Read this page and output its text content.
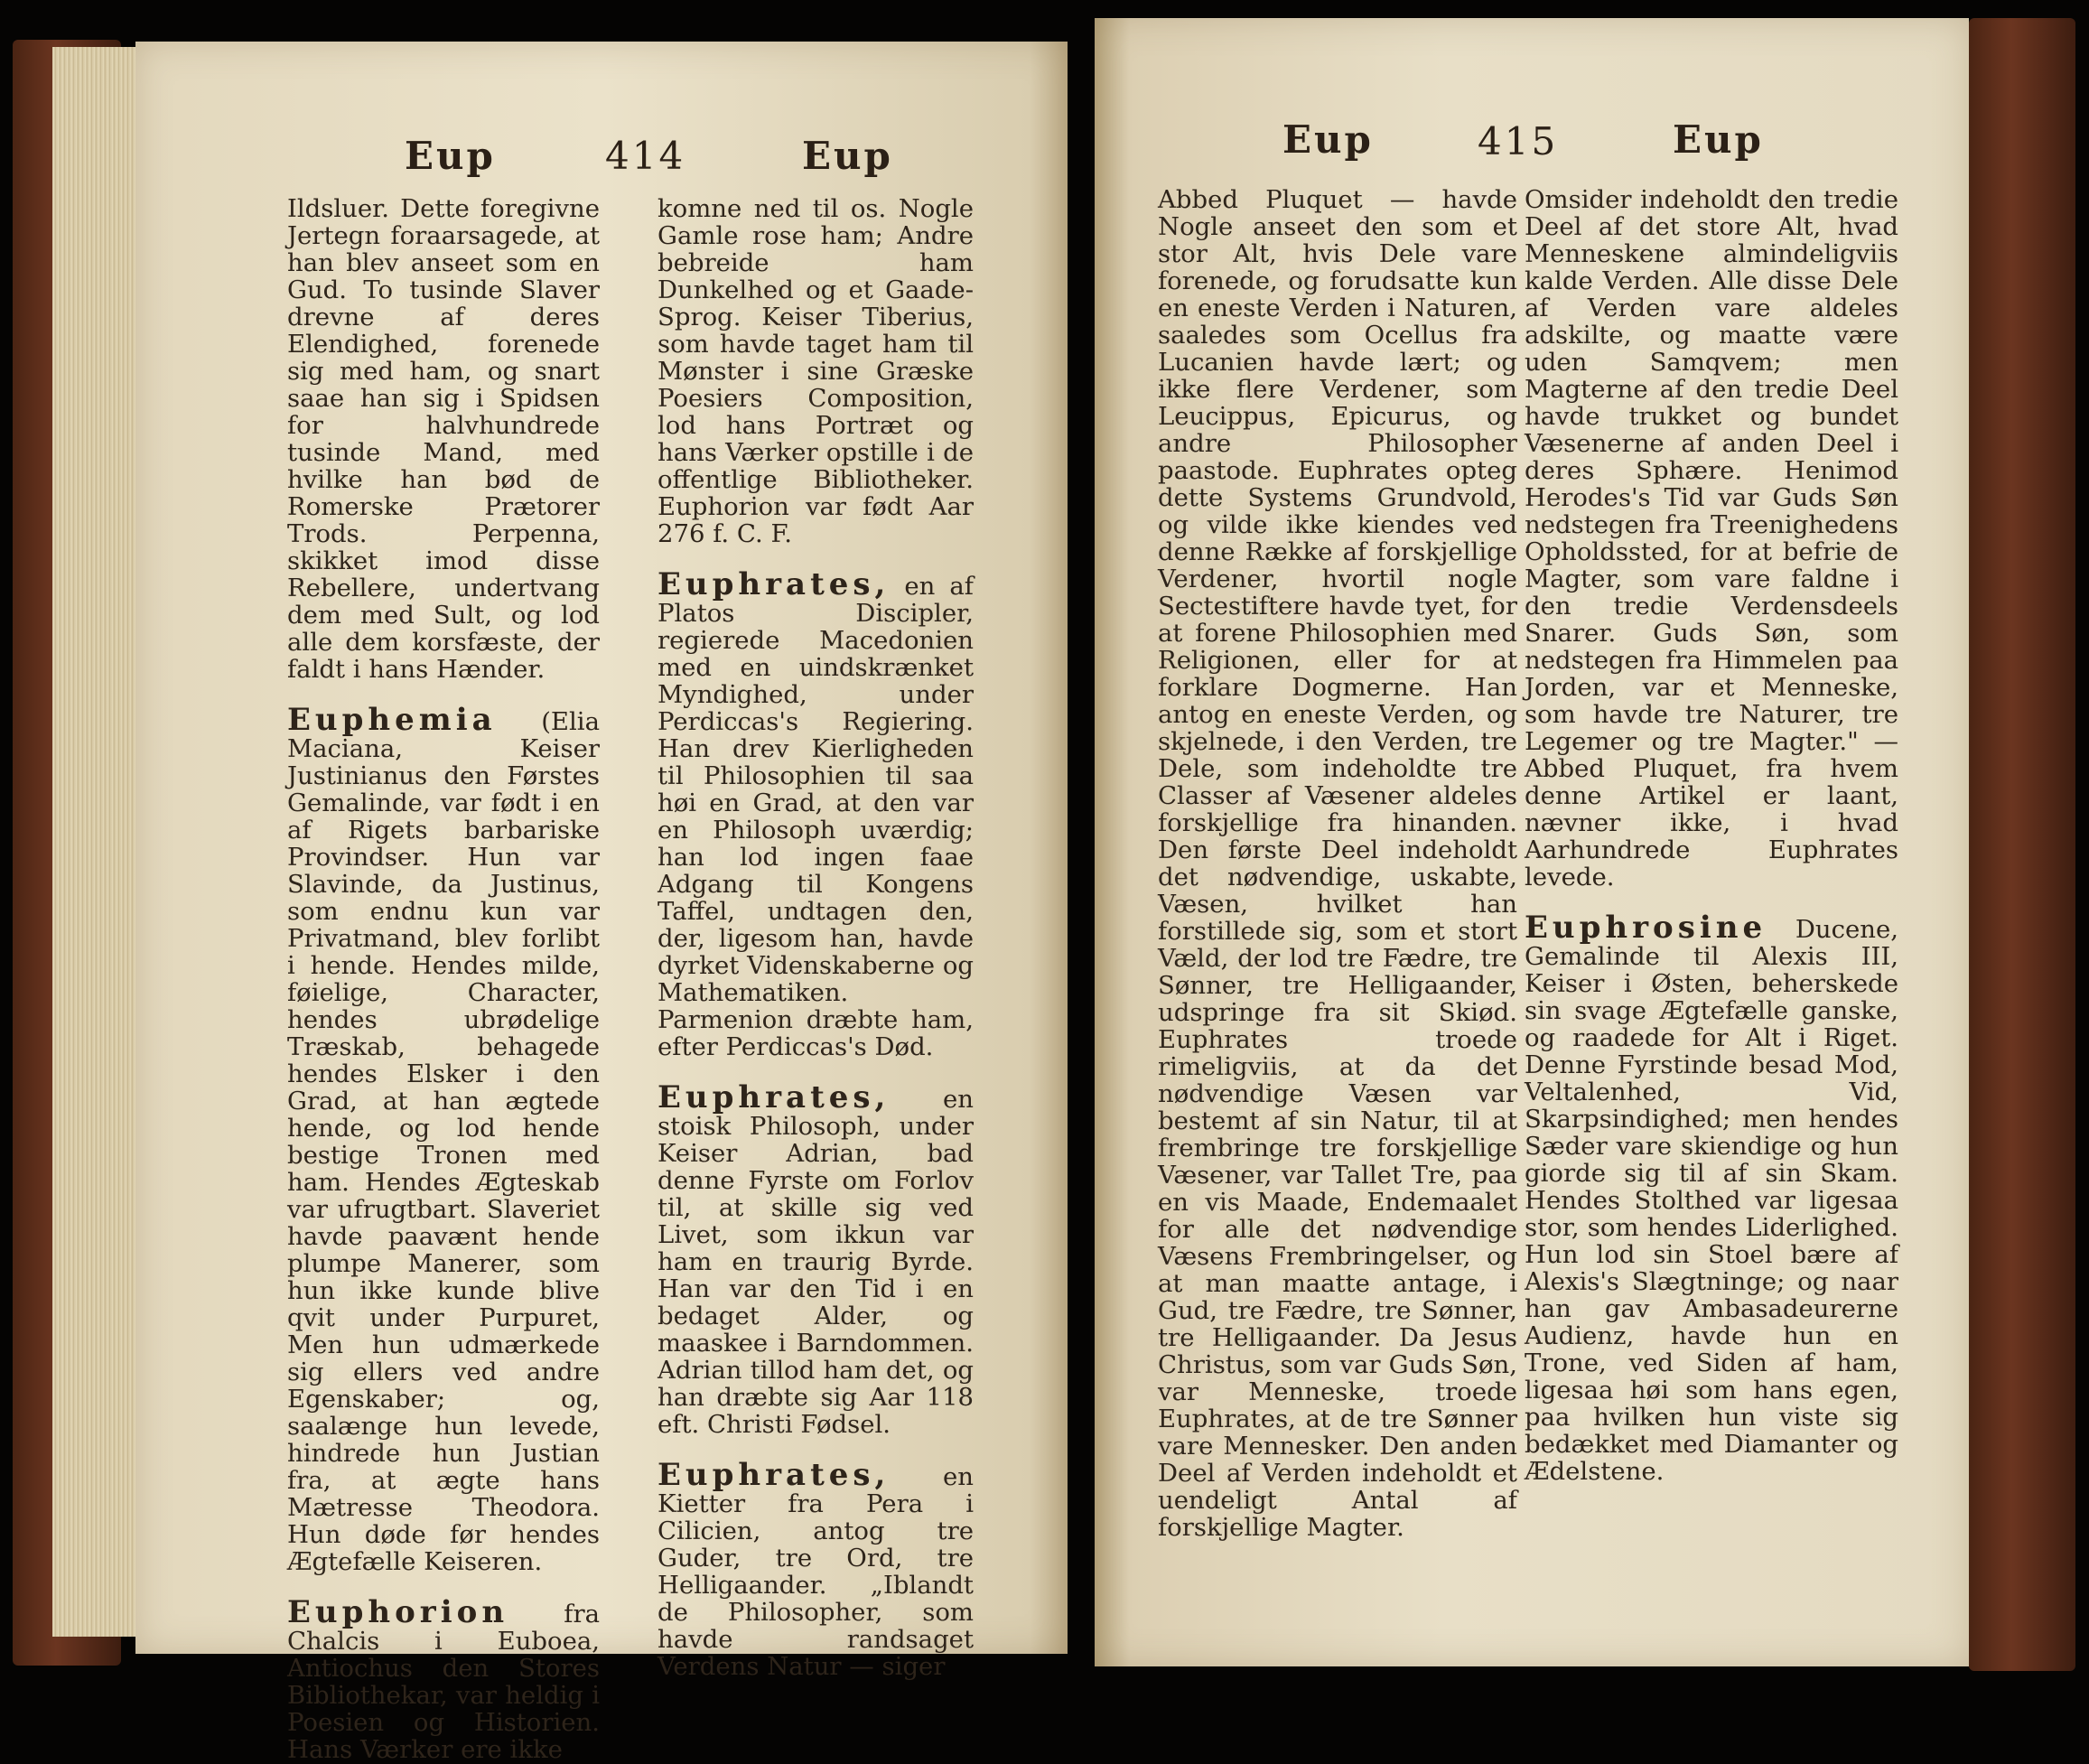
Eup	414	Eup

Ildsluer. Dette foregivne Jertegn foraarsagede, at han blev anseet som en Gud. To tusinde Slaver drevne af deres Elendighed, forenede sig med ham, og snart saae han sig i Spidsen for halvhundrede tusinde Mand, med hvilke han bød de Romerske Prætorer Trods. Perpenna, skikket imod disse Rebellere, undertvang dem med Sult, og lod alle dem korsfæste, der faldt i hans Hænder.

Euphemia (Elia Maciana, Keiser Justinianus den Førstes Gemalinde, var født i en af Rigets barbariske Provindser. Hun var Slavinde, da Justinus, som endnu kun var Privatmand, blev forlibt i hende. Hendes milde, føielige, Character, hendes ubrødelige Træskab, behagede hendes Elsker i den Grad, at han ægtede hende, og lod hende bestige Tronen med ham. Hendes Ægteskab var ufrugtbart. Slaveriet havde paavænt hende plumpe Manerer, som hun ikke kunde blive qvit under Purpuret, Men hun udmærkede sig ellers ved andre Egenskaber; og, saalænge hun levede, hindrede hun Justian fra, at ægte hans Mætresse Theodora. Hun døde før hendes Ægtefælle Keiseren.

Euphorion fra Chalcis i Euboea, Antiochus den Stores Bibliothekar, var heldig i Poesien og Historien. Hans Værker ere ikke

komne ned til os. Nogle Gamle rose ham; Andre bebreide ham Dunkelhed og et Gaade-Sprog. Keiser Tiberius, som havde taget ham til Mønster i sine Græske Poesiers Composition, lod hans Portræt og hans Værker opstille i de offentlige Bibliotheker. Euphorion var født Aar 276 f. C. F.

Euphrates, en af Platos Discipler, regierede Macedonien med en uindskrænket Myndighed, under Perdiccas's Regiering. Han drev Kierligheden til Philosophien til saa høi en Grad, at den var en Philosoph uværdig; han lod ingen faae Adgang til Kongens Taffel, undtagen den, der, ligesom han, havde dyrket Videnskaberne og Mathematiken. Parmenion dræbte ham, efter Perdiccas's Død.

Euphrates, en stoisk Philosoph, under Keiser Adrian, bad denne Fyrste om Forlov til, at skille sig ved Livet, som ikkun var ham en traurig Byrde. Han var den Tid i en bedaget Alder, og maaskee i Barndommen. Adrian tillod ham det, og han dræbte sig Aar 118 eft. Christi Fødsel.

Euphrates, en Kietter fra Pera i Cilicien, antog tre Guder, tre Ord, tre Helligaander. „Iblandt de Philosopher, som havde randsaget Verdens Natur — siger

Eup	415	Eup

Abbed Pluquet — havde Nogle anseet den som et stor Alt, hvis Dele vare forenede, og forudsatte kun en eneste Verden i Naturen, saaledes som Ocellus fra Lucanien havde lært; og ikke flere Verdener, som Leucippus, Epicurus, og andre Philosopher paastode. Euphrates opteg dette Systems Grundvold, og vilde ikke kiendes ved denne Række af forskjellige Verdener, hvortil nogle Sectestiftere havde tyet, for at forene Philosophien med Religionen, eller for at forklare Dogmerne. Han antog en eneste Verden, og skjelnede, i den Verden, tre Dele, som indeholdte tre Classer af Væsener aldeles forskjellige fra hinanden. Den første Deel indeholdt det nødvendige, uskabte, Væsen, hvilket han forstillede sig, som et stort Væld, der lod tre Fædre, tre Sønner, tre Helligaander, udspringe fra sit Skiød. Euphrates troede rimeligviis, at da det nødvendige Væsen var bestemt af sin Natur, til at frembringe tre forskjellige Væsener, var Tallet Tre, paa en vis Maade, Endemaalet for alle det nødvendige Væsens Frembringelser, og at man maatte antage, i Gud, tre Fædre, tre Sønner, tre Helligaander. Da Jesus Christus, som var Guds Søn, var Menneske, troede Euphrates, at de tre Sønner vare Mennesker. Den anden Deel af Verden indeholdt et uendeligt Antal af forskjellige Magter.

Omsider indeholdt den tredie Deel af det store Alt, hvad Menneskene almindeligviis kalde Verden. Alle disse Dele af Verden vare aldeles adskilte, og maatte være uden Samqvem; men Magterne af den tredie Deel havde trukket og bundet Væsenerne af anden Deel i deres Sphære. Henimod Herodes's Tid var Guds Søn nedstegen fra Treenighedens Opholdssted, for at befrie de Magter, som vare faldne i den tredie Verdensdeels Snarer. Guds Søn, som nedstegen fra Himmelen paa Jorden, var et Menneske, som havde tre Naturer, tre Legemer og tre Magter." — Abbed Pluquet, fra hvem denne Artikel er laant, nævner ikke, i hvad Aarhundrede Euphrates levede.

Euphrosine Ducene, Gemalinde til Alexis III, Keiser i Østen, beherskede sin svage Ægtefælle ganske, og raadede for Alt i Riget. Denne Fyrstinde besad Mod, Veltalenhed, Vid, Skarpsindighed; men hendes Sæder vare skiendige og hun giorde sig til af sin Skam. Hendes Stolthed var ligesaa stor, som hendes Liderlighed. Hun lod sin Stoel bære af Alexis's Slægtninge; og naar han gav Ambasadeurerne Audienz, havde hun en Trone, ved Siden af ham, ligesaa høi som hans egen, paa hvilken hun viste sig bedækket med Diamanter og Ædelstene.
